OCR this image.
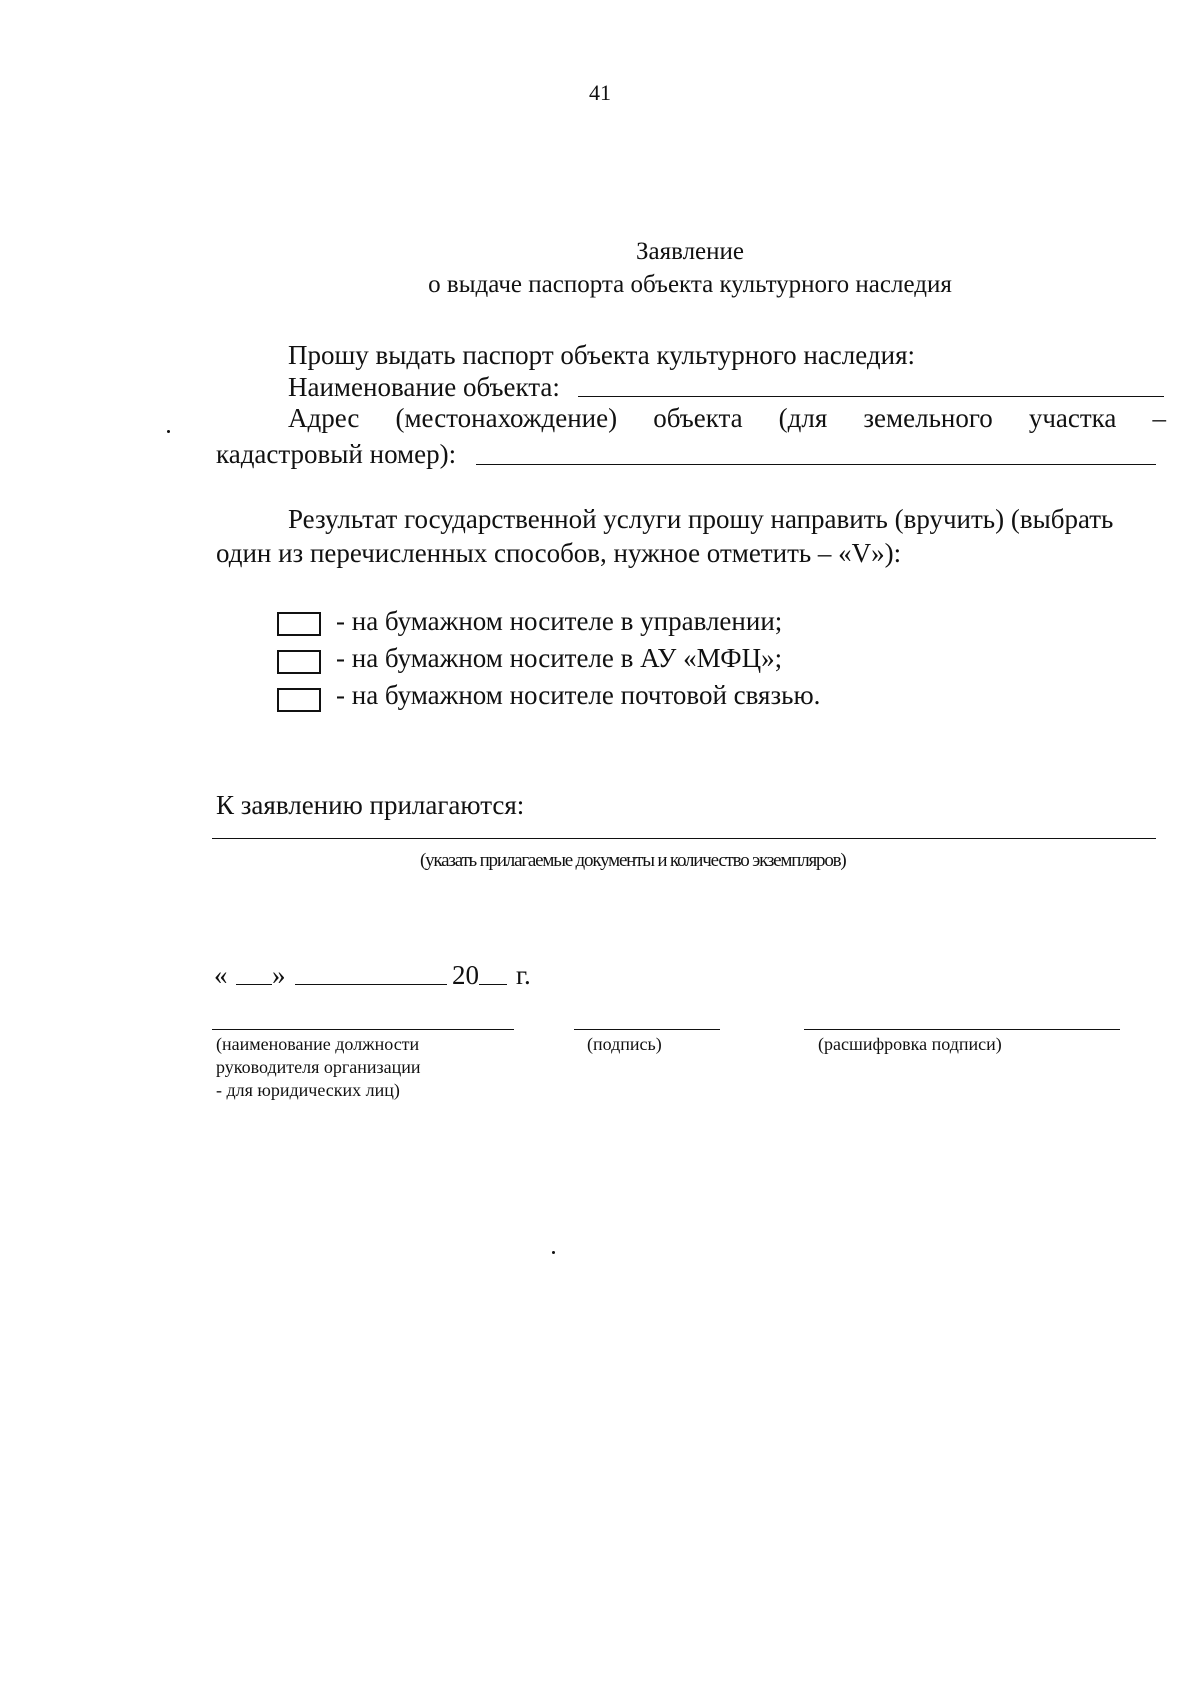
41
Заявление
о выдаче паспорта объекта культурного наследия
Прошу выдать паспорт объекта культурного наследия:
Наименование объекта:
Адрес (местонахождение) объекта (для земельного участка –
кадастровый номер):
Результат государственной услуги прошу направить (вручить) (выбрать
один из перечисленных способов, нужное отметить – «V»):
- на бумажном носителе в управлении;
- на бумажном носителе в АУ «МФЦ»;
- на бумажном носителе почтовой связью.
К заявлению прилагаются:
(указать прилагаемые документы и количество экземпляров)
« »	20 г.
(наименование должности
руководителя организации
- для юридических лиц)
(подпись)	(расшифровка подписи)
